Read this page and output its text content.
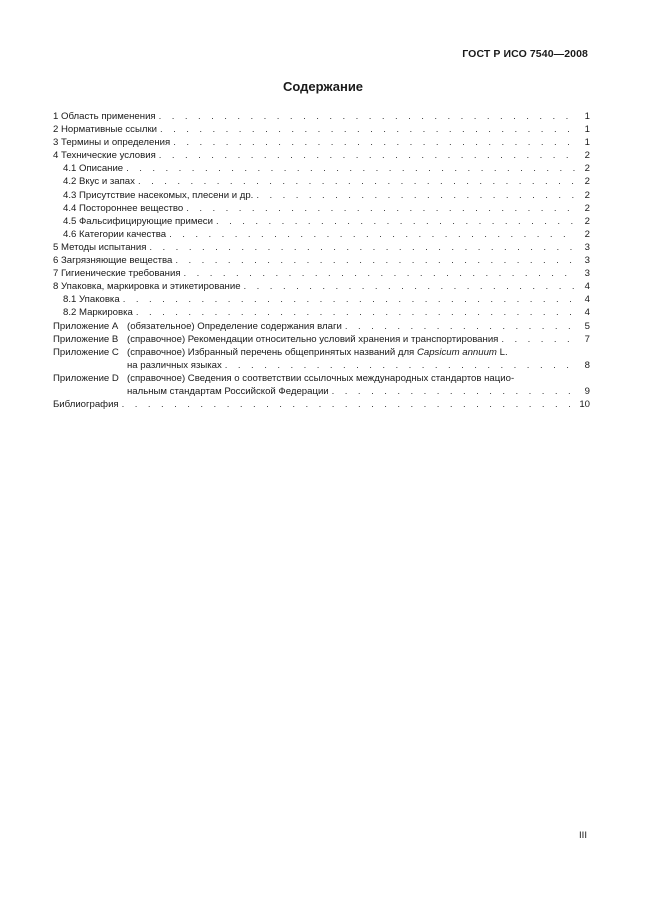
ГОСТ Р ИСО 7540—2008
Содержание
1 Область применения . . .	1
2 Нормативные ссылки . . .	1
3 Термины и определения . . .	1
4 Технические условия . . .	2
4.1 Описание . . .	2
4.2 Вкус и запах . . .	2
4.3 Присутствие насекомых, плесени и др. . . .	2
4.4 Постороннее вещество . . .	2
4.5 Фальсифицирующие примеси . . .	2
4.6 Категории качества . . .	2
5 Методы испытания . . .	3
6 Загрязняющие вещества . . .	3
7 Гигиенические требования . . .	3
8 Упаковка, маркировка и этикетирование . . .	4
8.1 Упаковка . . .	4
8.2 Маркировка . . .	4
Приложение А (обязательное) Определение содержания влаги . . .	5
Приложение В (справочное) Рекомендации относительно условий хранения и транспортирования . . .	7
Приложение С (справочное) Избранный перечень общепринятых названий для Capsicum annuum L.
на различных языках . . .	8
Приложение D (справочное) Сведения о соответствии ссылочных международных стандартов нацио-
нальным стандартам Российской Федерации . . .	9
Библиография . . .	10
III
